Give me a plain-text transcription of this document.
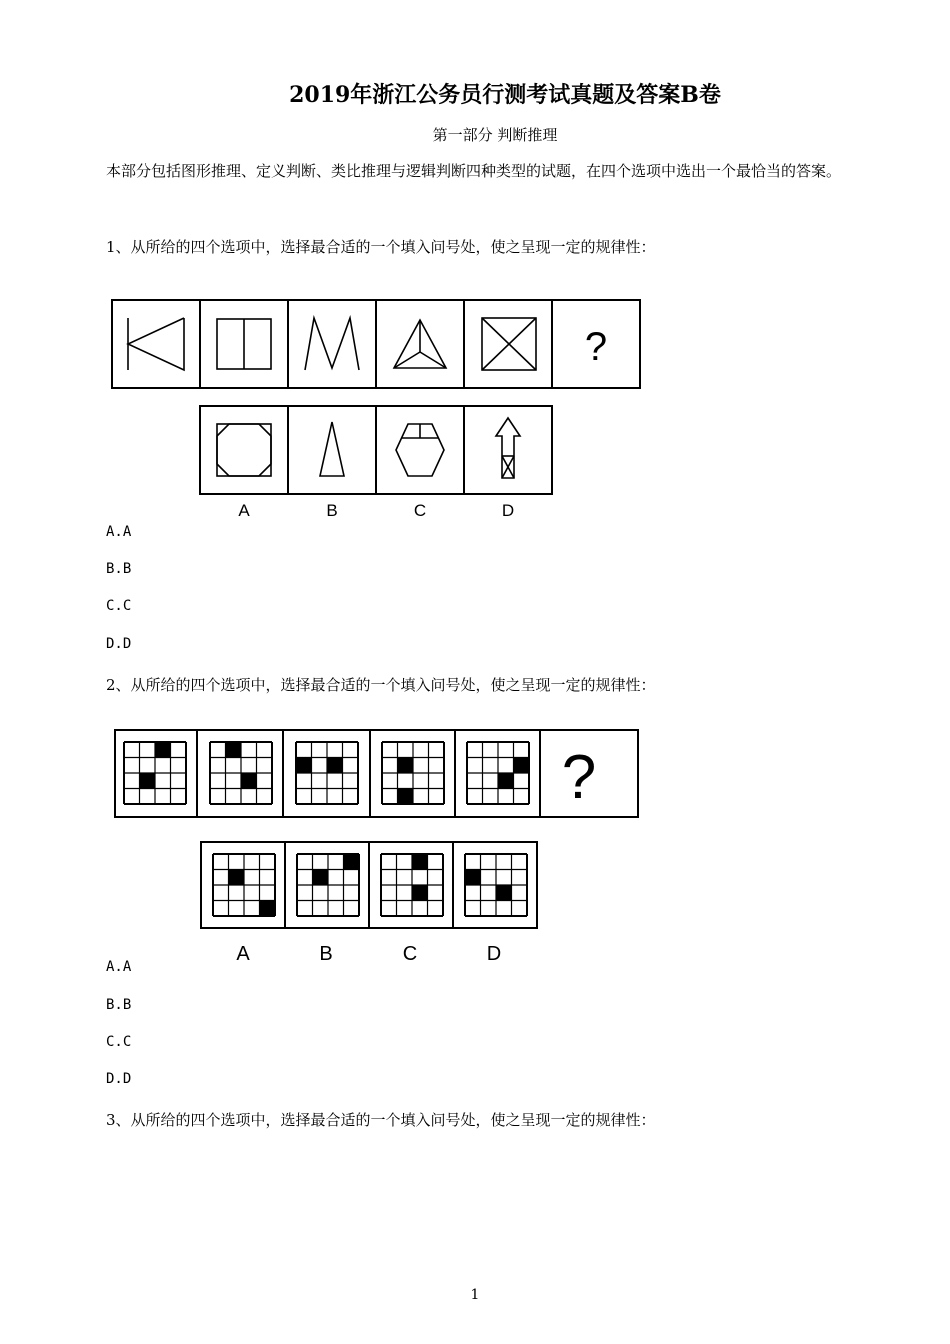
2019年浙江公务员行测考试真题及答案B卷
第一部分 判断推理
本部分包括图形推理、定义判断、类比推理与逻辑判断四种类型的试题，在四个选项中选出一个最恰当的答案。
1、从所给的四个选项中，选择最合适的一个填入问号处，使之呈现一定的规律性：
?
A	B	C	D
A.A
B.B
C.C
D.D
2、从所给的四个选项中，选择最合适的一个填入问号处，使之呈现一定的规律性：
?
A	B	C	D
A.A
B.B
C.C
D.D
3、从所给的四个选项中，选择最合适的一个填入问号处，使之呈现一定的规律性：
1
